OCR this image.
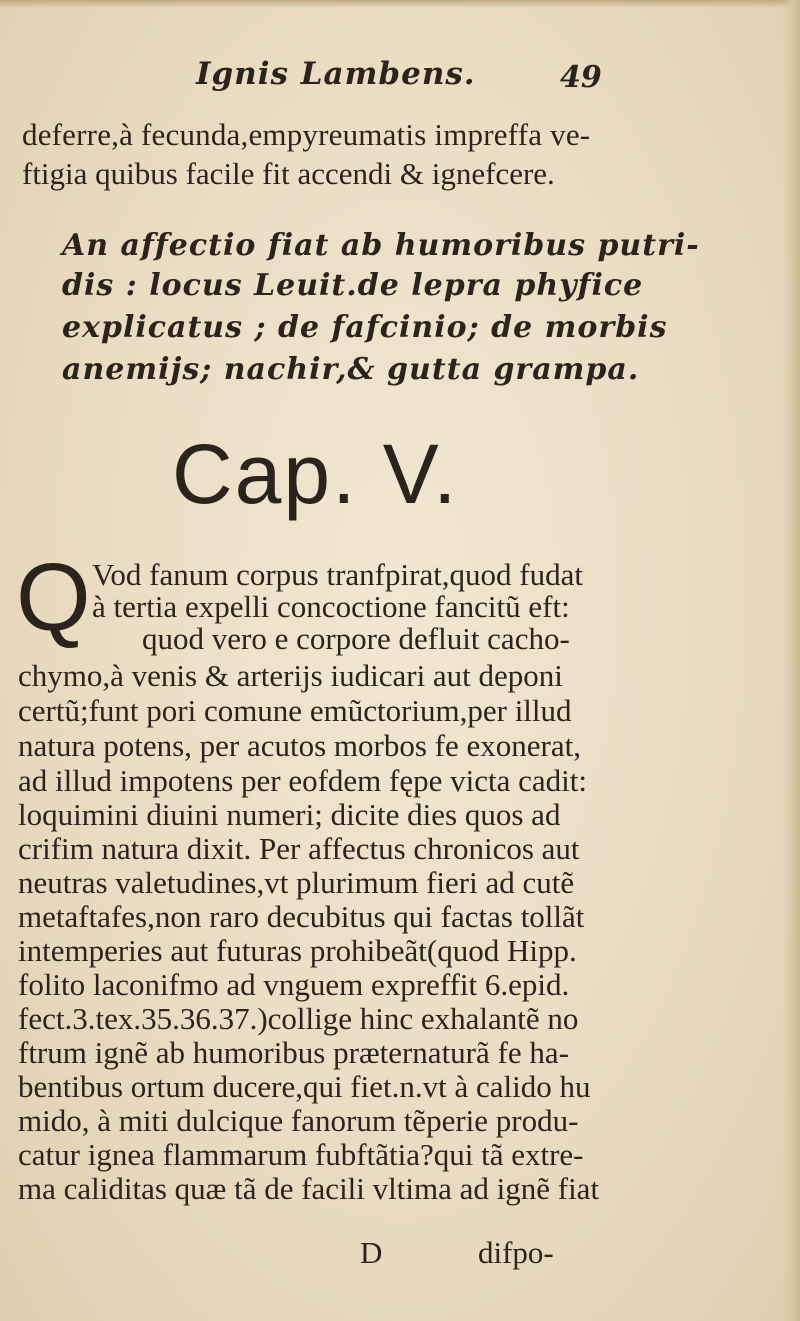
Ignis Lambens.	49
deferre,à fecunda,empyreumatis impreffa ve-
ftigia quibus facile fit accendi & ignefcere.
An affectio fiat ab humoribus putri-
dis : locus Leuit.de lepra phyfice
explicatus ; de fafcinio; de morbis
anemijs; nachir,& gutta grampa.
Cap. V.
Q Vod fanum corpus tranfpirat,quod fudat
à tertia expelli concoctione fancitũ eft:
quod vero e corpore defluit cacho-
chymo,à venis & arterijs iudicari aut deponi
certũ;funt pori comune emũctorium,per illud
natura potens, per acutos morbos fe exonerat,
ad illud impotens per eofdem fępe victa cadit:
loquimini diuini numeri; dicite dies quos ad
crifim natura dixit. Per affectus chronicos aut
neutras valetudines,vt plurimum fieri ad cutẽ
metaftafes,non raro decubitus qui factas tollãt
intemperies aut futuras prohibeãt(quod Hipp.
folito laconifmo ad vnguem expreffit 6.epid.
fect.3.tex.35.36.37.)collige hinc exhalantẽ no
ftrum ignẽ ab humoribus præternaturã fe ha-
bentibus ortum ducere,qui fiet.n.vt à calido hu
mido, à miti dulcique fanorum tẽperie produ-
catur ignea flammarum fubftãtia?qui tã extre-
ma caliditas quæ tã de facili vltima ad ignẽ fiat
D	difpo-
